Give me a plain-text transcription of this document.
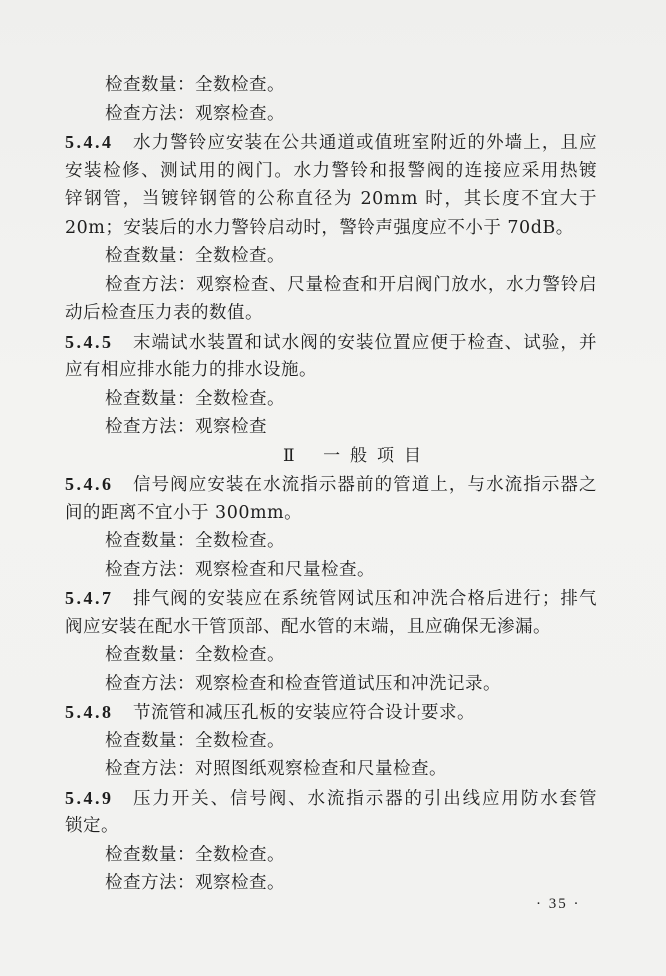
检查数量：全数检查。
检查方法：观察检查。
5.4.4	水力警铃应安装在公共通道或值班室附近的外墙上，且应
安装检修、测试用的阀门。水力警铃和报警阀的连接应采用热镀
锌钢管，当镀锌钢管的公称直径为 20mm 时，其长度不宜大于
20m；安装后的水力警铃启动时，警铃声强度应不小于 70dB。
检查数量：全数检查。
检查方法：观察检查、尺量检查和开启阀门放水，水力警铃启
动后检查压力表的数值。
5.4.5	末端试水装置和试水阀的安装位置应便于检查、试验，并
应有相应排水能力的排水设施。
检查数量：全数检查。
检查方法：观察检查
Ⅱ 一般项目
5.4.6	信号阀应安装在水流指示器前的管道上，与水流指示器之
间的距离不宜小于 300mm。
检查数量：全数检查。
检查方法：观察检查和尺量检查。
5.4.7	排气阀的安装应在系统管网试压和冲洗合格后进行；排气
阀应安装在配水干管顶部、配水管的末端，且应确保无渗漏。
检查数量：全数检查。
检查方法：观察检查和检查管道试压和冲洗记录。
5.4.8	节流管和减压孔板的安装应符合设计要求。
检查数量：全数检查。
检查方法：对照图纸观察检查和尺量检查。
5.4.9	压力开关、信号阀、水流指示器的引出线应用防水套管
锁定。
检查数量：全数检查。
检查方法：观察检查。
· 35 ·
